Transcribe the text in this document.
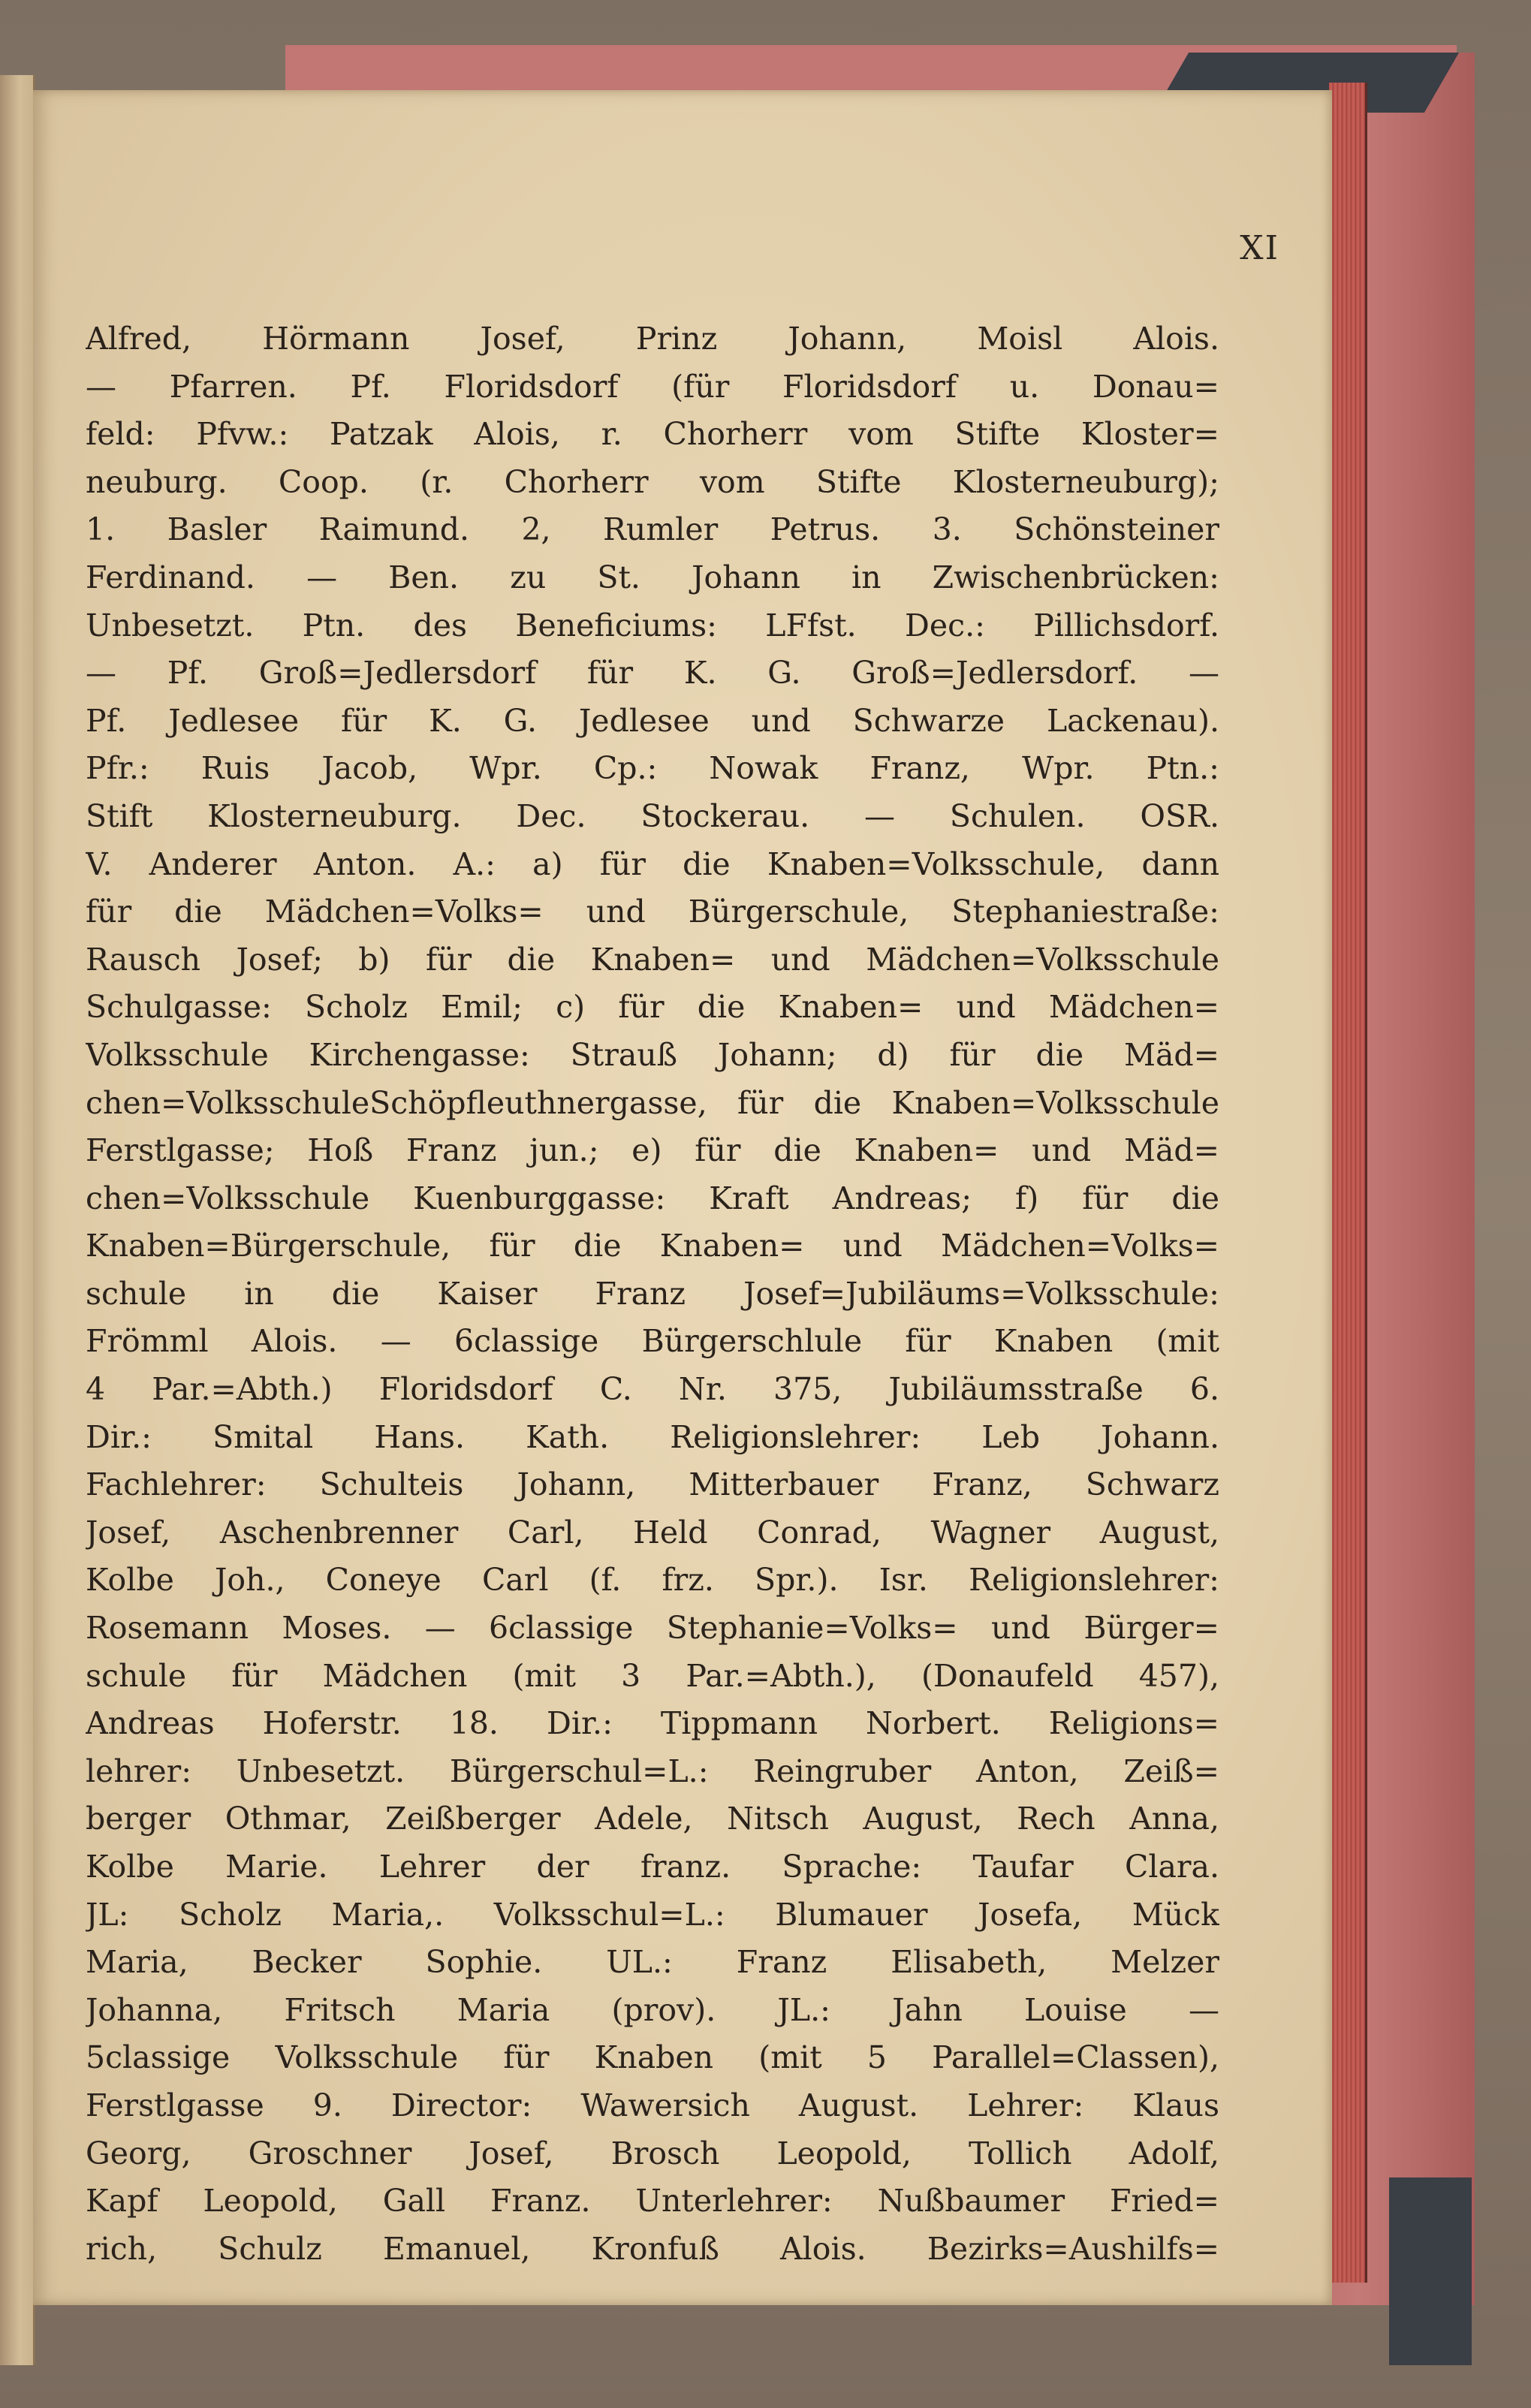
XI

Alfred, Hörmann Josef, Prinz Johann, Moisl Alois.
— Pfarren. Pf. Floridsdorf (für Floridsdorf u. Donau=
feld: Pfvw.: Patzak Alois, r. Chorherr vom Stifte Kloster=
neuburg. Coop. (r. Chorherr vom Stifte Klosterneuburg);
1. Basler Raimund. 2, Rumler Petrus. 3. Schönsteiner
Ferdinand. — Ben. zu St. Johann in Zwischenbrücken:
Unbesetzt. Ptn. des Beneficiums: LFfst. Dec.: Pillichsdorf.
— Pf. Groß=Jedlersdorf für K. G. Groß=Jedlersdorf. —
Pf. Jedlesee für K. G. Jedlesee und Schwarze Lackenau).
Pfr.: Ruis Jacob, Wpr. Cp.: Nowak Franz, Wpr. Ptn.:
Stift Klosterneuburg. Dec. Stockerau. — Schulen. OSR.
V. Anderer Anton. A.: a) für die Knaben=Volksschule, dann
für die Mädchen=Volks= und Bürgerschule, Stephaniestraße:
Rausch Josef; b) für die Knaben= und Mädchen=Volksschule
Schulgasse: Scholz Emil; c) für die Knaben= und Mädchen=
Volksschule Kirchengasse: Strauß Johann; d) für die Mäd=
chen=VolksschuleSchöpfleuthnergasse, für die Knaben=Volksschule
Ferstlgasse; Hoß Franz jun.; e) für die Knaben= und Mäd=
chen=Volksschule Kuenburggasse: Kraft Andreas; f) für die
Knaben=Bürgerschule, für die Knaben= und Mädchen=Volks=
schule in die Kaiser Franz Josef=Jubiläums=Volksschule:
Frömml Alois. — 6classige Bürgerschlule für Knaben (mit
4 Par.=Abth.) Floridsdorf C. Nr. 375, Jubiläumsstraße 6.
Dir.: Smital Hans. Kath. Religionslehrer: Leb Johann.
Fachlehrer: Schulteis Johann, Mitterbauer Franz, Schwarz
Josef, Aschenbrenner Carl, Held Conrad, Wagner August,
Kolbe Joh., Coneye Carl (f. frz. Spr.). Isr. Religionslehrer:
Rosemann Moses. — 6classige Stephanie=Volks= und Bürger=
schule für Mädchen (mit 3 Par.=Abth.), (Donaufeld 457),
Andreas Hoferstr. 18. Dir.: Tippmann Norbert. Religions=
lehrer: Unbesetzt. Bürgerschul=L.: Reingruber Anton, Zeiß=
berger Othmar, Zeißberger Adele, Nitsch August, Rech Anna,
Kolbe Marie. Lehrer der franz. Sprache: Taufar Clara.
JL: Scholz Maria,. Volksschul=L.: Blumauer Josefa, Mück
Maria, Becker Sophie. UL.: Franz Elisabeth, Melzer
Johanna, Fritsch Maria (prov). JL.: Jahn Louise —
5classige Volksschule für Knaben (mit 5 Parallel=Classen),
Ferstlgasse 9. Director: Wawersich August. Lehrer: Klaus
Georg, Groschner Josef, Brosch Leopold, Tollich Adolf,
Kapf Leopold, Gall Franz. Unterlehrer: Nußbaumer Fried=
rich, Schulz Emanuel, Kronfuß Alois. Bezirks=Aushilfs=
